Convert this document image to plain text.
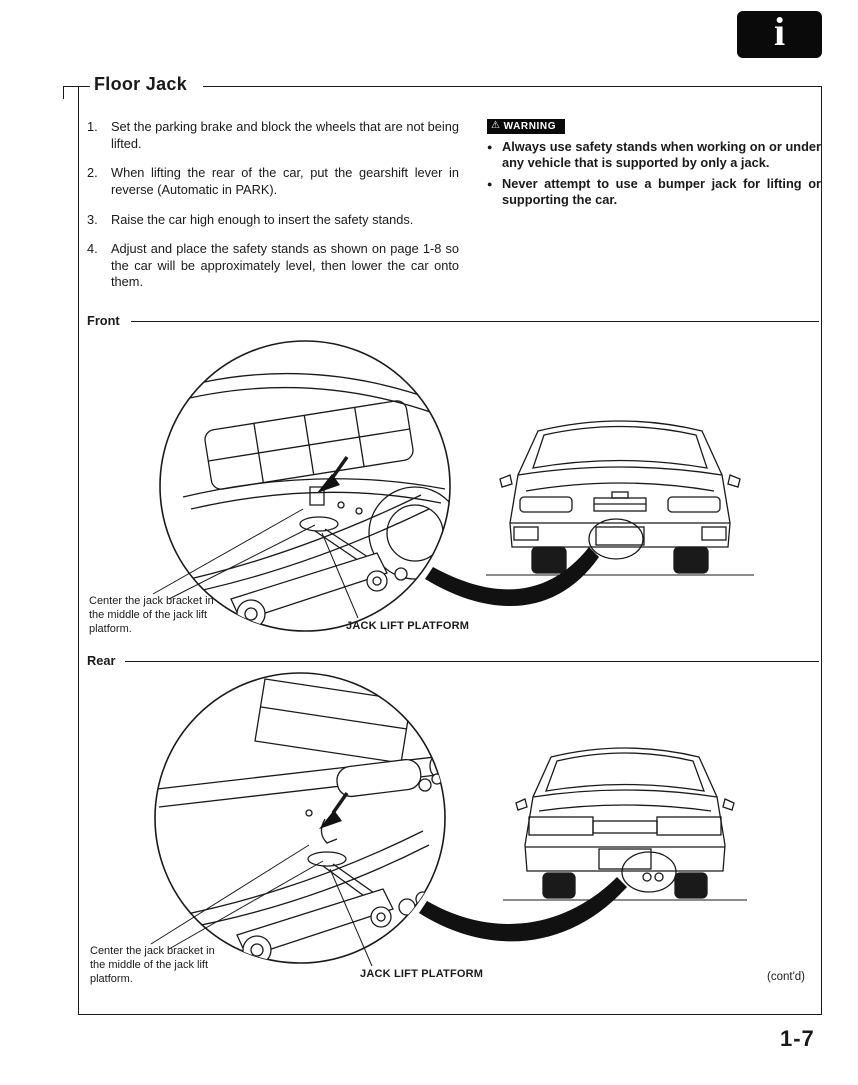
i
Floor Jack
1.	Set the parking brake and block the wheels that are not being lifted.
2.	When lifting the rear of the car, put the gearshift lever in reverse (Automatic in PARK).
3.	Raise the car high enough to insert the safety stands.
4.	Adjust and place the safety stands as shown on page 1-8 so the car will be approximately level, then lower the car onto them.
⚠ WARNING
● Always use safety stands when working on or under any vehicle that is supported by only a jack.
● Never attempt to use a bumper jack for lifting or supporting the car.
Front
Center the jack bracket in the middle of the jack lift platform.	JACK LIFT PLATFORM
Rear
Center the jack bracket in the middle of the jack lift platform.	JACK LIFT PLATFORM	(cont'd)
1-7
